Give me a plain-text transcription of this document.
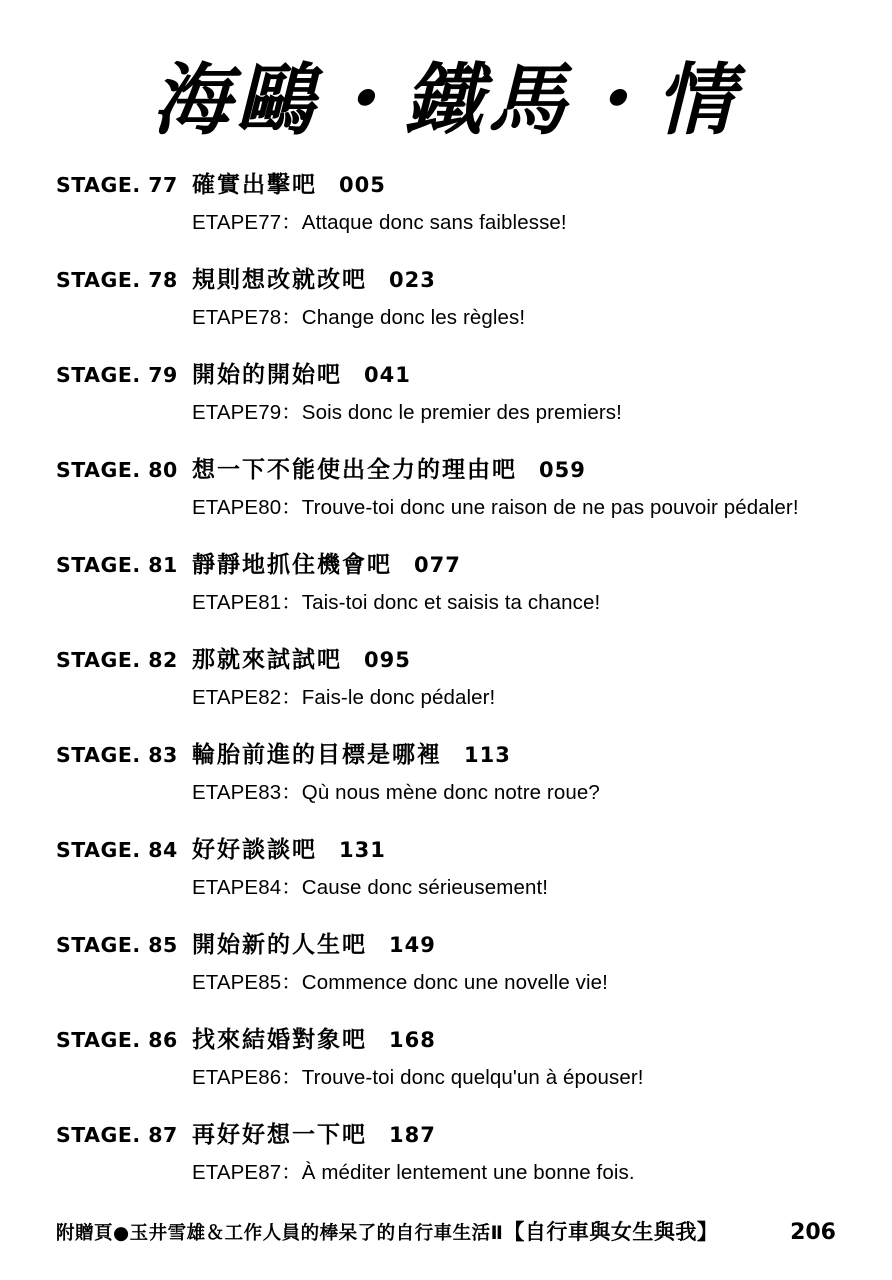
海鷗・鐵馬・情
STAGE. 77 確實出擊吧 005
ETAPE77：Attaque donc sans faiblesse!
STAGE. 78 規則想改就改吧 023
ETAPE78：Change donc les règles!
STAGE. 79 開始的開始吧 041
ETAPE79：Sois donc le premier des premiers!
STAGE. 80 想一下不能使出全力的理由吧 059
ETAPE80：Trouve-toi donc une raison de ne pas pouvoir pédaler!
STAGE. 81 靜靜地抓住機會吧 077
ETAPE81：Tais-toi donc et saisis ta chance!
STAGE. 82 那就來試試吧 095
ETAPE82：Fais-le donc pédaler!
STAGE. 83 輪胎前進的目標是哪裡 113
ETAPE83：Qù nous mène donc notre roue?
STAGE. 84 好好談談吧 131
ETAPE84：Cause donc sérieusement!
STAGE. 85 開始新的人生吧 149
ETAPE85：Commence donc une novelle vie!
STAGE. 86 找來結婚對象吧 168
ETAPE86：Trouve-toi donc quelqu'un à épouser!
STAGE. 87 再好好想一下吧 187
ETAPE87：À méditer lentement une bonne fois.
附贈頁●玉井雪雄＆工作人員的棒呆了的自行車生活Ⅱ【自行車與女生與我】	206
